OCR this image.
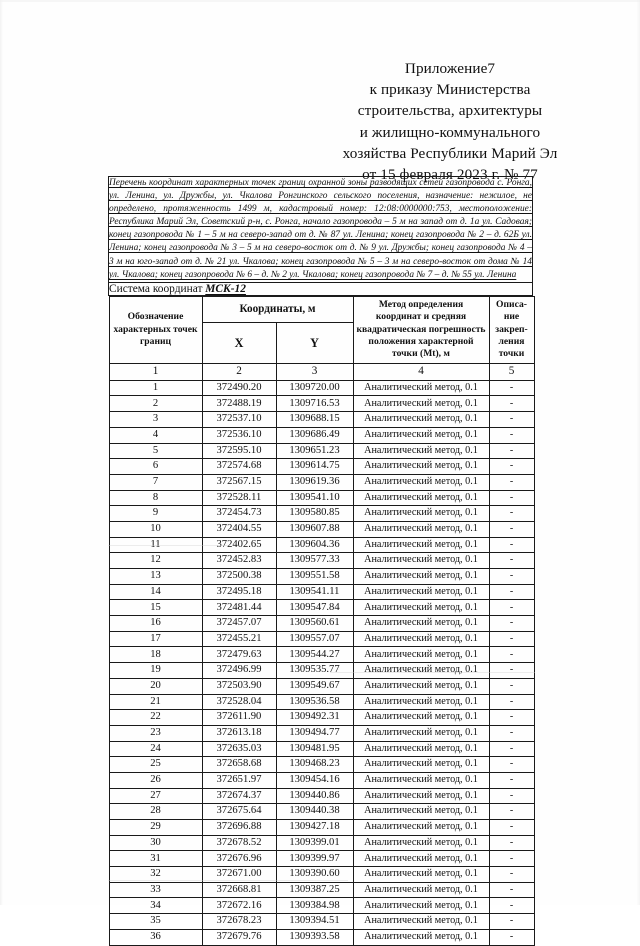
Приложение7
к приказу Министерства
строительства, архитектуры
и жилищно-коммунального
хозяйства Республики Марий Эл
от 15 февраля 2023 г. № 77
Перечень координат характерных точек границ охранной зоны разводящих сетей газопровода с. Ронга, ул. Ленина, ул. Дружбы, ул. Чкалова Ронгинского сельского поселения, назначение: нежилое, не определено, протяженность 1499 м, кадастровый номер: 12:08:0000000:753, местоположение: Республика Марий Эл, Советский р-н, с. Ронга, начало газопровода – 5 м на запад от д. 1а ул. Садовая; конец газопровода № 1 – 5 м на северо-запад от д. № 87 ул. Ленина; конец газопровода № 2 – д. 62Б ул. Ленина; конец газопровода № 3 – 5 м на северо-восток от д. № 9 ул. Дружбы; конец газопровода № 4 – 3 м на юго-запад от д. № 21 ул. Чкалова; конец газопровода № 5 – 3 м на северо-восток от дома № 14 ул. Чкалова; конец газопровода № 6 – д. № 2 ул. Чкалова; конец газопровода № 7 – д. № 55 ул. Ленина

Система координат МСК-12

Обозначение характерных точек границ	Координаты, м	Метод определения координат и средняя квадратическая погрешность положения характерной точки (Мt), м	Описа-
ние закреп-
ления точки
X	Y
1	2	3	4	5
1	372490.20	1309720.00	Аналитический метод, 0.1	-
2	372488.19	1309716.53	Аналитический метод, 0.1	-
3	372537.10	1309688.15	Аналитический метод, 0.1	-
4	372536.10	1309686.49	Аналитический метод, 0.1	-
5	372595.10	1309651.23	Аналитический метод, 0.1	-
6	372574.68	1309614.75	Аналитический метод, 0.1	-
7	372567.15	1309619.36	Аналитический метод, 0.1	-
8	372528.11	1309541.10	Аналитический метод, 0.1	-
9	372454.73	1309580.85	Аналитический метод, 0.1	-
10	372404.55	1309607.88	Аналитический метод, 0.1	-
11	372402.65	1309604.36	Аналитический метод, 0.1	-
12	372452.83	1309577.33	Аналитический метод, 0.1	-
13	372500.38	1309551.58	Аналитический метод, 0.1	-
14	372495.18	1309541.11	Аналитический метод, 0.1	-
15	372481.44	1309547.84	Аналитический метод, 0.1	-
16	372457.07	1309560.61	Аналитический метод, 0.1	-
17	372455.21	1309557.07	Аналитический метод, 0.1	-
18	372479.63	1309544.27	Аналитический метод, 0.1	-
19	372496.99	1309535.77	Аналитический метод, 0.1	-
20	372503.90	1309549.67	Аналитический метод, 0.1	-
21	372528.04	1309536.58	Аналитический метод, 0.1	-
22	372611.90	1309492.31	Аналитический метод, 0.1	-
23	372613.18	1309494.77	Аналитический метод, 0.1	-
24	372635.03	1309481.95	Аналитический метод, 0.1	-
25	372658.68	1309468.23	Аналитический метод, 0.1	-
26	372651.97	1309454.16	Аналитический метод, 0.1	-
27	372674.37	1309440.86	Аналитический метод, 0.1	-
28	372675.64	1309440.38	Аналитический метод, 0.1	-
29	372696.88	1309427.18	Аналитический метод, 0.1	-
30	372678.52	1309399.01	Аналитический метод, 0.1	-
31	372676.96	1309399.97	Аналитический метод, 0.1	-
32	372671.00	1309390.60	Аналитический метод, 0.1	-
33	372668.81	1309387.25	Аналитический метод, 0.1	-
34	372672.16	1309384.98	Аналитический метод, 0.1	-
35	372678.23	1309394.51	Аналитический метод, 0.1	-
36	372679.76	1309393.58	Аналитический метод, 0.1	-
